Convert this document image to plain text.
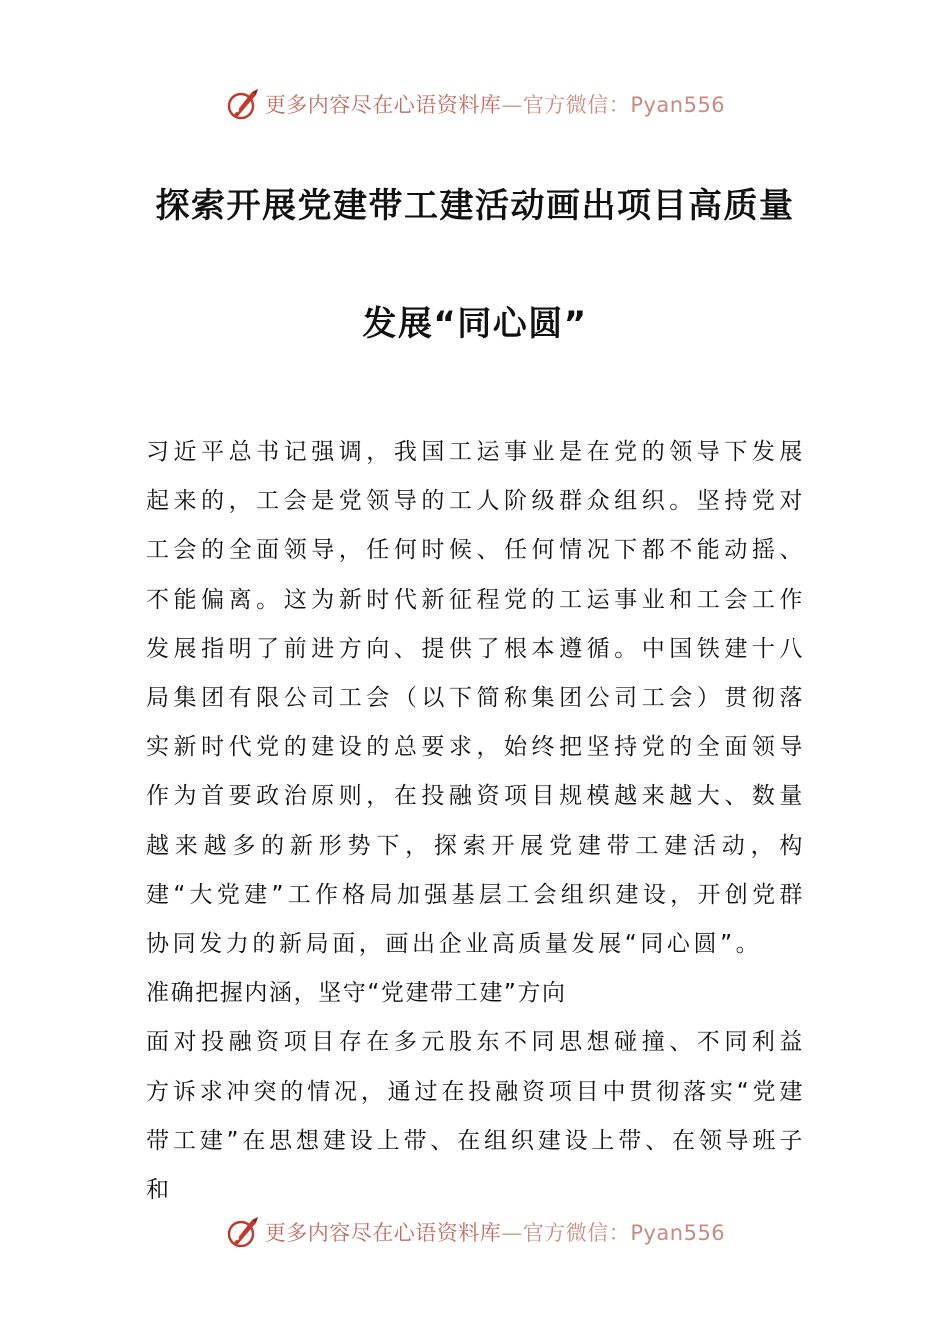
更多内容尽在心语资料库—官方微信：Pyan556
探索开展党建带工建活动画出项目高质量
发展“同心圆”

习近平总书记强调，我国工运事业是在党的领导下发展起来的，工会是党领导的工人阶级群众组织。坚持党对工会的全面领导，任何时候、任何情况下都不能动摇、不能偏离。这为新时代新征程党的工运事业和工会工作发展指明了前进方向、提供了根本遵循。中国铁建十八局集团有限公司工会（以下简称集团公司工会）贯彻落实新时代党的建设的总要求，始终把坚持党的全面领导作为首要政治原则，在投融资项目规模越来越大、数量越来越多的新形势下，探索开展党建带工建活动，构建“大党建”工作格局加强基层工会组织建设，开创党群协同发力的新局面，画出企业高质量发展“同心圆”。

准确把握内涵，坚守“党建带工建”方向

面对投融资项目存在多元股东不同思想碰撞、不同利益方诉求冲突的情况，通过在投融资项目中贯彻落实“党建带工建”在思想建设上带、在组织建设上带、在领导班子和

更多内容尽在心语资料库—官方微信：Pyan556
